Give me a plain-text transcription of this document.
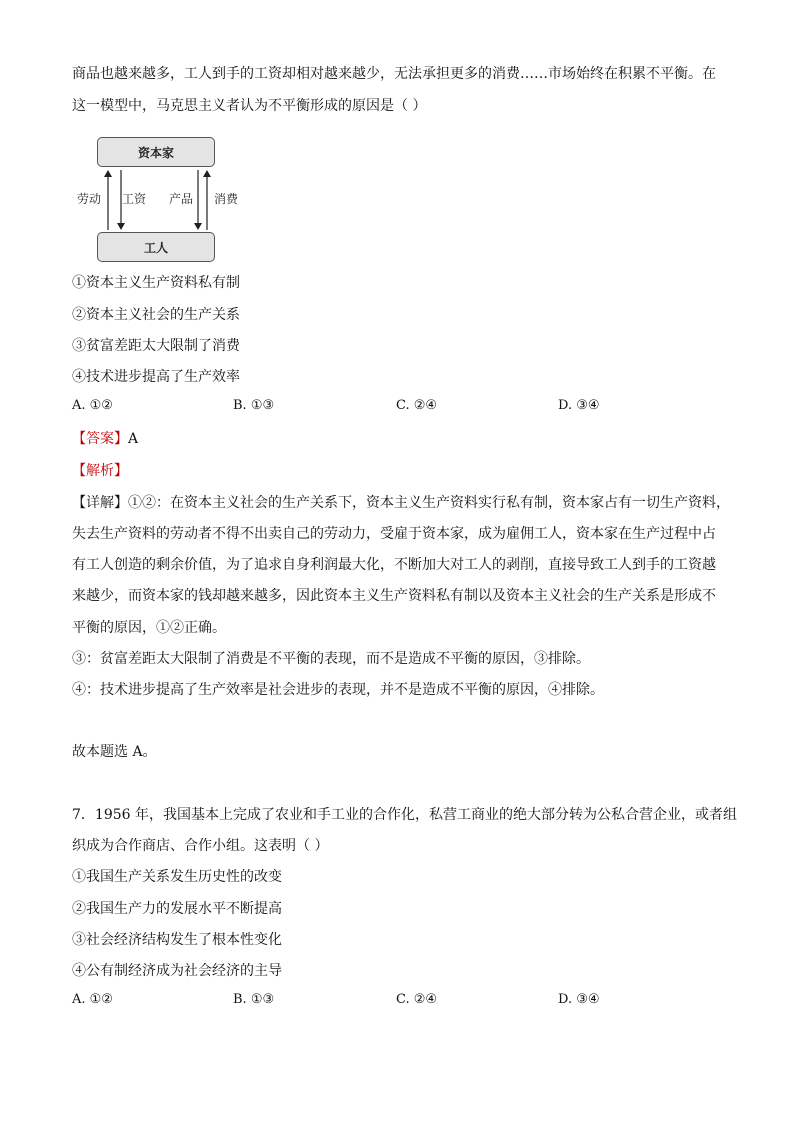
商品也越来越多，工人到手的工资却相对越来越少，无法承担更多的消费……市场始终在积累不平衡。在
这一模型中，马克思主义者认为不平衡形成的原因是（ ）
资本家
工人
劳动 工资 产品 消费
①资本主义生产资料私有制
②资本主义社会的生产关系
③贫富差距太大限制了消费
④技术进步提高了生产效率
A. ①②	B. ①③	C. ②④	D. ③④
【答案】A
【解析】
【详解】①②：在资本主义社会的生产关系下，资本主义生产资料实行私有制，资本家占有一切生产资料，
失去生产资料的劳动者不得不出卖自己的劳动力，受雇于资本家，成为雇佣工人，资本家在生产过程中占
有工人创造的剩余价值，为了追求自身利润最大化，不断加大对工人的剥削，直接导致工人到手的工资越
来越少，而资本家的钱却越来越多，因此资本主义生产资料私有制以及资本主义社会的生产关系是形成不
平衡的原因，①②正确。
③：贫富差距太大限制了消费是不平衡的表现，而不是造成不平衡的原因，③排除。
④：技术进步提高了生产效率是社会进步的表现，并不是造成不平衡的原因，④排除。
故本题选 A。
7．1956 年，我国基本上完成了农业和手工业的合作化，私营工商业的绝大部分转为公私合营企业，或者组
织成为合作商店、合作小组。这表明（ ）
①我国生产关系发生历史性的改变
②我国生产力的发展水平不断提高
③社会经济结构发生了根本性变化
④公有制经济成为社会经济的主导
A. ①②	B. ①③	C. ②④	D. ③④
